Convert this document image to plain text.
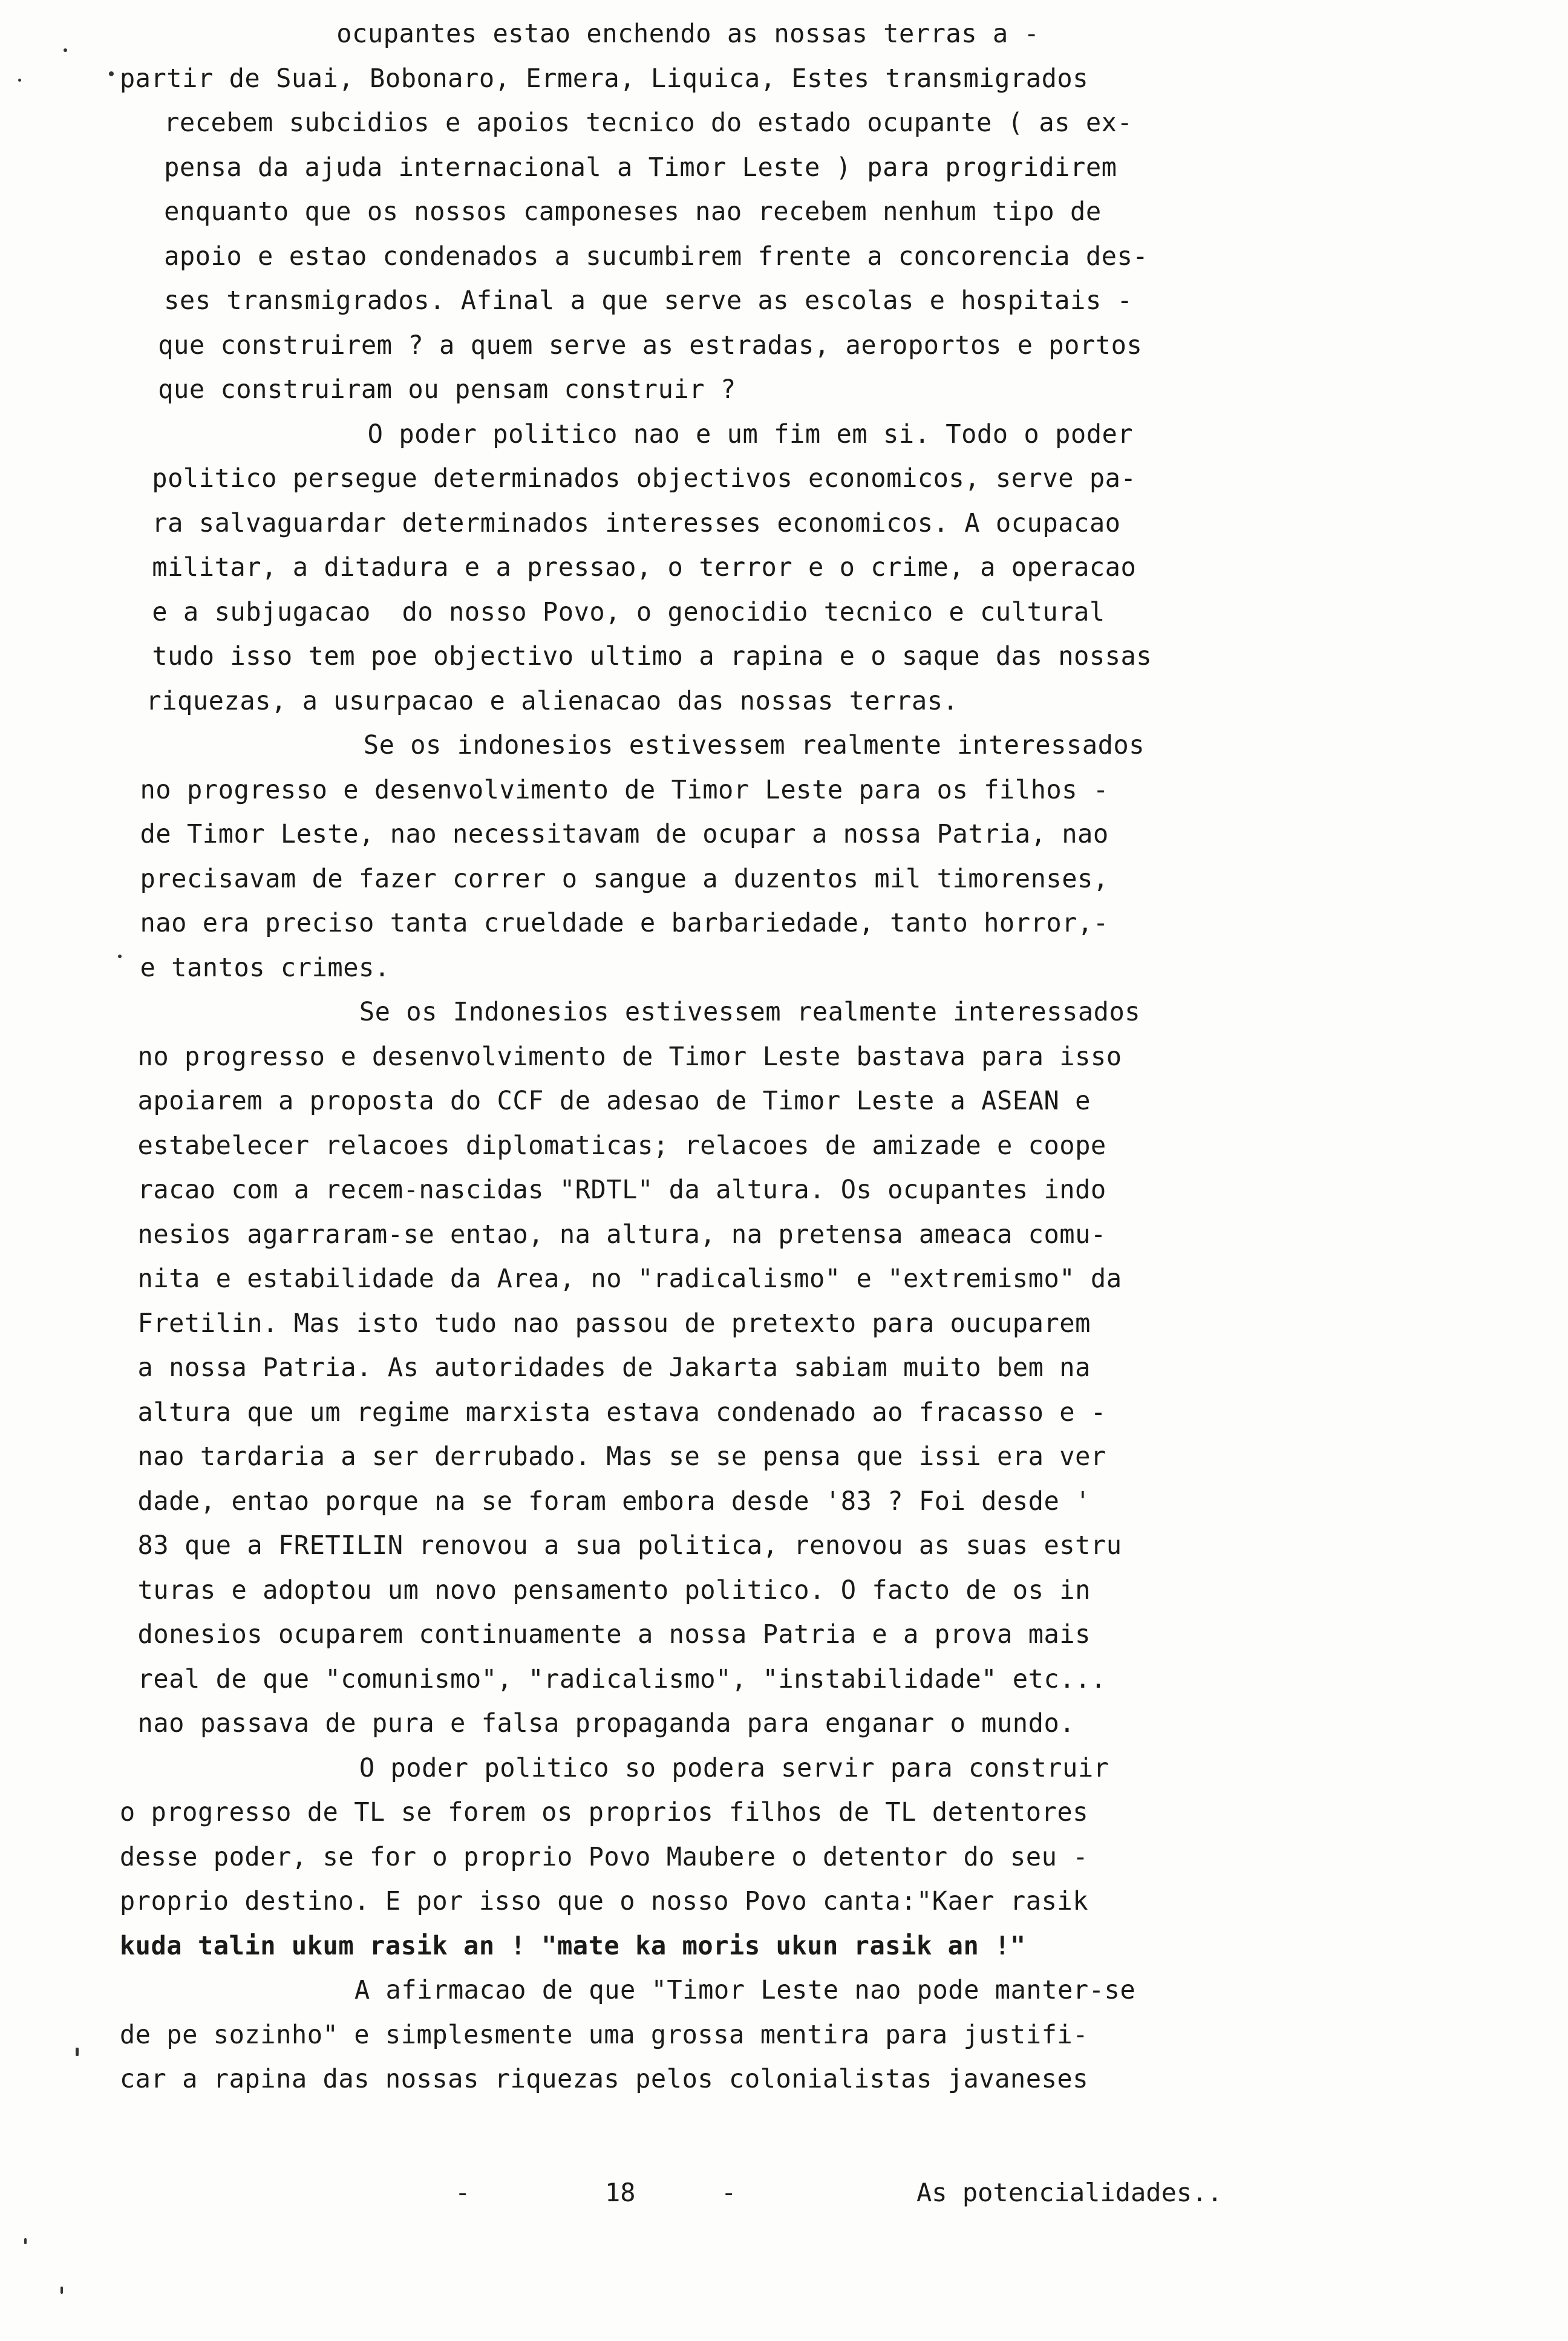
ocupantes estao enchendo as nossas terras a -
partir de Suai, Bobonaro, Ermera, Liquica, Estes transmigrados
recebem subcidios e apoios tecnico do estado ocupante ( as ex-
pensa da ajuda internacional a Timor Leste ) para progridirem
enquanto que os nossos camponeses nao recebem nenhum tipo de
apoio e estao condenados a sucumbirem frente a concorencia des-
ses transmigrados. Afinal a que serve as escolas e hospitais -
que construirem ? a quem serve as estradas, aeroportos e portos
que construiram ou pensam construir ?
O poder politico nao e um fim em si. Todo o poder
politico persegue determinados objectivos economicos, serve pa-
ra salvaguardar determinados interesses economicos. A ocupacao
militar, a ditadura e a pressao, o terror e o crime, a operacao
e a subjugacao  do nosso Povo, o genocidio tecnico e cultural
tudo isso tem poe objectivo ultimo a rapina e o saque das nossas
riquezas, a usurpacao e alienacao das nossas terras.
Se os indonesios estivessem realmente interessados
no progresso e desenvolvimento de Timor Leste para os filhos -
de Timor Leste, nao necessitavam de ocupar a nossa Patria, nao
precisavam de fazer correr o sangue a duzentos mil timorenses,
nao era preciso tanta crueldade e barbariedade, tanto horror,-
e tantos crimes.
Se os Indonesios estivessem realmente interessados
no progresso e desenvolvimento de Timor Leste bastava para isso
apoiarem a proposta do CCF de adesao de Timor Leste a ASEAN e
estabelecer relacoes diplomaticas; relacoes de amizade e coope
racao com a recem-nascidas "RDTL" da altura. Os ocupantes indo
nesios agarraram-se entao, na altura, na pretensa ameaca comu-
nita e estabilidade da Area, no "radicalismo" e "extremismo" da
Fretilin. Mas isto tudo nao passou de pretexto para oucuparem
a nossa Patria. As autoridades de Jakarta sabiam muito bem na
altura que um regime marxista estava condenado ao fracasso e -
nao tardaria a ser derrubado. Mas se se pensa que issi era ver
dade, entao porque na se foram embora desde '83 ? Foi desde '
83 que a FRETILIN renovou a sua politica, renovou as suas estru
turas e adoptou um novo pensamento politico. O facto de os in
donesios ocuparem continuamente a nossa Patria e a prova mais
real de que "comunismo", "radicalismo", "instabilidade" etc...
nao passava de pura e falsa propaganda para enganar o mundo.
O poder politico so podera servir para construir
o progresso de TL se forem os proprios filhos de TL detentores
desse poder, se for o proprio Povo Maubere o detentor do seu -
proprio destino. E por isso que o nosso Povo canta:"Kaer rasik
kuda talin ukum rasik an ! "mate ka moris ukun rasik an !"
A afirmacao de que "Timor Leste nao pode manter-se
de pe sozinho" e simplesmente uma grossa mentira para justifi-
car a rapina das nossas riquezas pelos colonialistas javaneses
-	18	-	As potencialidades..
